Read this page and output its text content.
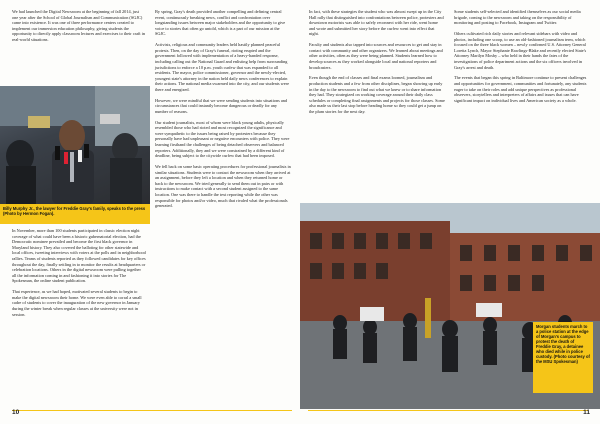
We had launched the Digital Newsroom at the beginning of fall 2014, just one year after the School of Global Journalism and Communication (SGJC) came into existence. It was one of three performance centers created to implement our immersion education philosophy, giving students the opportunity to directly apply classroom lectures and exercises to their craft in real-world situations.

Billy Murphy Jr., the lawyer for Freddie Gray's family, speaks to the press (Photo by Hermon Fogan).

In November, more than 100 students participated in classic election night coverage of what could have been a historic gubernatorial election, had the Democratic nominee prevailed and become the first black governor in Maryland history. They also covered the balloting for other statewide and local offices, tweeting interviews with voters at the polls and in neighborhood rallies. Teams of students reported as they followed candidates for key offices throughout the day, finally settling in to monitor the results at headquarters or celebration locations. Others in the digital newsroom were pulling together all the information coming in and fashioning it into stories for The Spokesman, the online student publication.

That experience, as we had hoped, motivated several students to begin to make the digital newsroom their home. We were even able to corral a small cadre of students to cover the inauguration of the new governor in January during the winter break when regular classes at the university were not in session.

By spring, Gray's death provided another compelling and defining central event, continuously breaking news, conflict and confrontation over longstanding issues between major stakeholders and the opportunity to give voice to stories that often go untold, which is a part of our mission at the SGJC.

Activists, religious and community leaders held hastily planned peaceful protests. Then, on the day of Gray's funeral, rioting erupted and the government followed with implementation of a heavy-handed response, including calling out the National Guard and enlisting help from surrounding jurisdictions to enforce a 10 p.m. youth curfew that was expanded to all residents. The mayor, police commissioner, governor and the newly-elected, youngest state's attorney in the nation held daily news conferences to explain their actions. The national media swarmed into the city, and our students were there and energized.

However, we were mindful that we were sending students into situations and circumstances that could instantly become dangerous or deadly for any number of reasons.

Our student journalists, most of whom were black young adults, physically resembled those who had rioted and most recognized the significance and were sympathetic to the issues being raised by protesters because they personally have had unpleasant or negative encounters with police. They were learning firsthand the challenges of being detached observers and balanced reporters. Additionally, they and we were constrained by a different kind of deadline, being subject to the citywide curfew that had been imposed.

We fell back on some basic operating procedures for professional journalists in similar situations. Students were to contact the newsroom when they arrived at an assignment, before they left a location and when they returned home or back to the newsroom. We tried generally to send them out in pairs or with instructions to make contact with a second student assigned to the same location. One was there to handle the text reporting while the other was responsible for photos and/or video, much that rivaled what the professionals generated.

10

In fact, with these strategies the student who was almost swept up in the City Hall rally that distinguished into confrontations between police, protesters and downtown motorists was able to safely reconnect with her ride, went home and wrote and submitted her story before the curfew went into effect that night.

Faculty and students also tapped into sources and resources to get and stay in contact with community and other organizers. We learned about meetings and other activities, often as they were being planned. Students learned how to develop sources as they worked alongside local and national reporters and broadcasters.

Even though the end of classes and final exams loomed, journalism and production students and a few from other disciplines, began showing up early in the day to the newsroom to find out what we knew or to share information they had. They strategized on working coverage around their daily class schedules or completing final assignments and projects for those classes. Some also made us their last stop before heading home so they could get a jump on the plum stories for the next day.

Some students self-selected and identified themselves as our social media brigade, coming to the newsroom and taking on the responsibility of monitoring and posting to Facebook, Instagram and Twitter.

Others cultivated rich daily stories and relevant sidebars with video and photos, including one scoop, to use an old-fashioned journalism term, which focused on the three black women – newly confirmed U.S. Attorney General Loretta Lynch, Mayor Stephanie Rawlings-Blake and recently elected State's Attorney Marilyn Mosby – who held in their hands the fates of the investigations of police department actions and the six officers involved in Gray's arrest and death.

The events that began this spring in Baltimore continue to present challenges and opportunities for government, communities and fortunately, any students eager to take on their roles and add unique perspectives as professional observers, storytellers and interpreters of affairs and issues that can have significant impact on individual lives and American society as a whole.

Morgan students march to a police station at the edge of Morgan's campus to protest the death of Freddie Gray, a detainee who died while in police custody. (Photo courtesy of the MSU Spokesman)
11
